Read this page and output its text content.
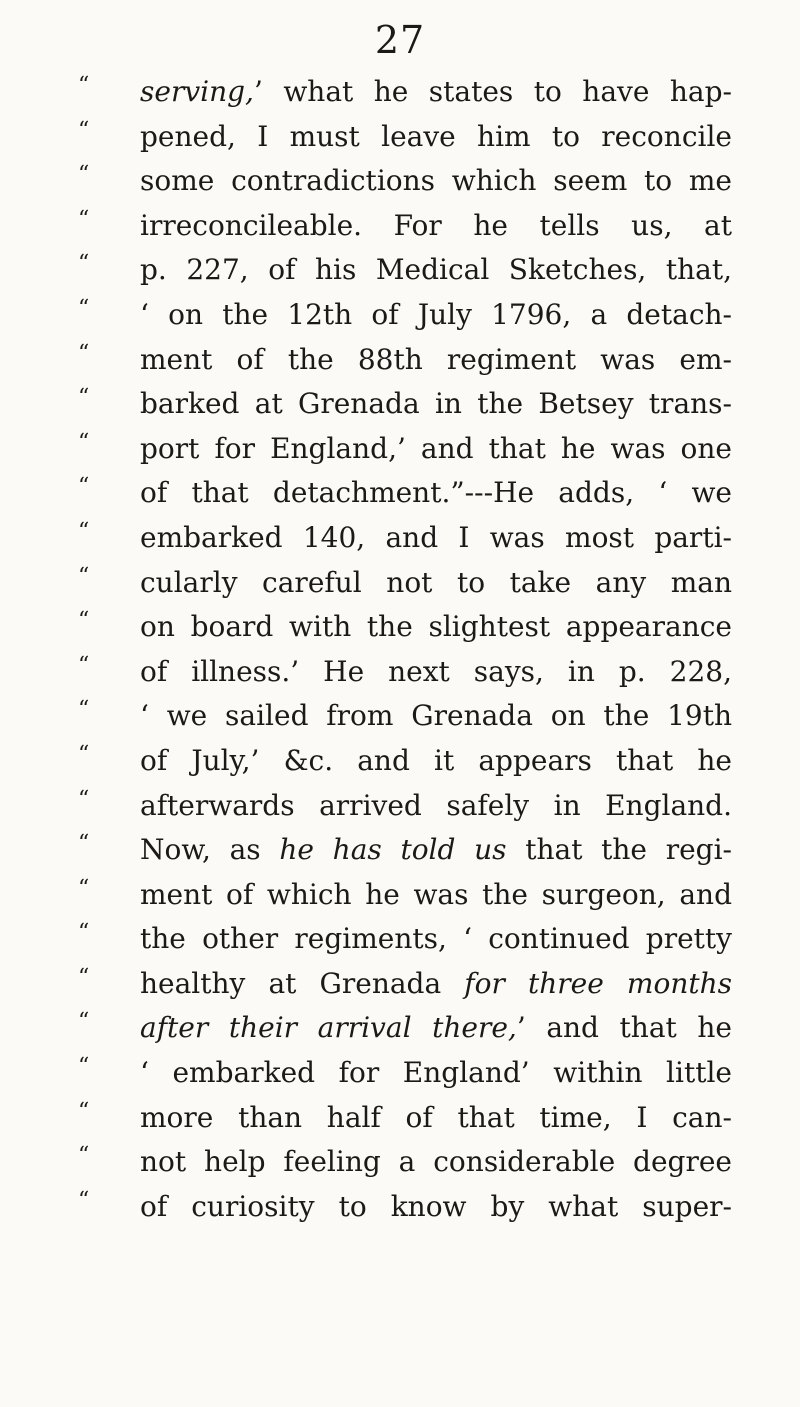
27
“ serving,’ what he states to have hap-
“ pened, I must leave him to reconcile
“ some contradictions which seem to me
“ irreconcileable. For he tells us, at
“ p. 227, of his Medical Sketches, that,
“ ‘ on the 12th of July 1796, a detach-
“ ment of the 88th regiment was em-
“ barked at Grenada in the Betsey trans-
“ port for England,’ and that he was one
“ of that detachment.”---He adds, ‘ we
“ embarked 140, and I was most parti-
“ cularly careful not to take any man
“ on board with the slightest appearance
“ of illness.’ He next says, in p. 228,
“ ‘ we sailed from Grenada on the 19th
“ of July,’ &c. and it appears that he
“ afterwards arrived safely in England.
“ Now, as he has told us that the regi-
“ ment of which he was the surgeon, and
“ the other regiments, ‘ continued pretty
“ healthy at Grenada for three months
“ after their arrival there,’ and that he
“ ‘ embarked for England’ within little
“ more than half of that time, I can-
“ not help feeling a considerable degree
“ of curiosity to know by what super-
